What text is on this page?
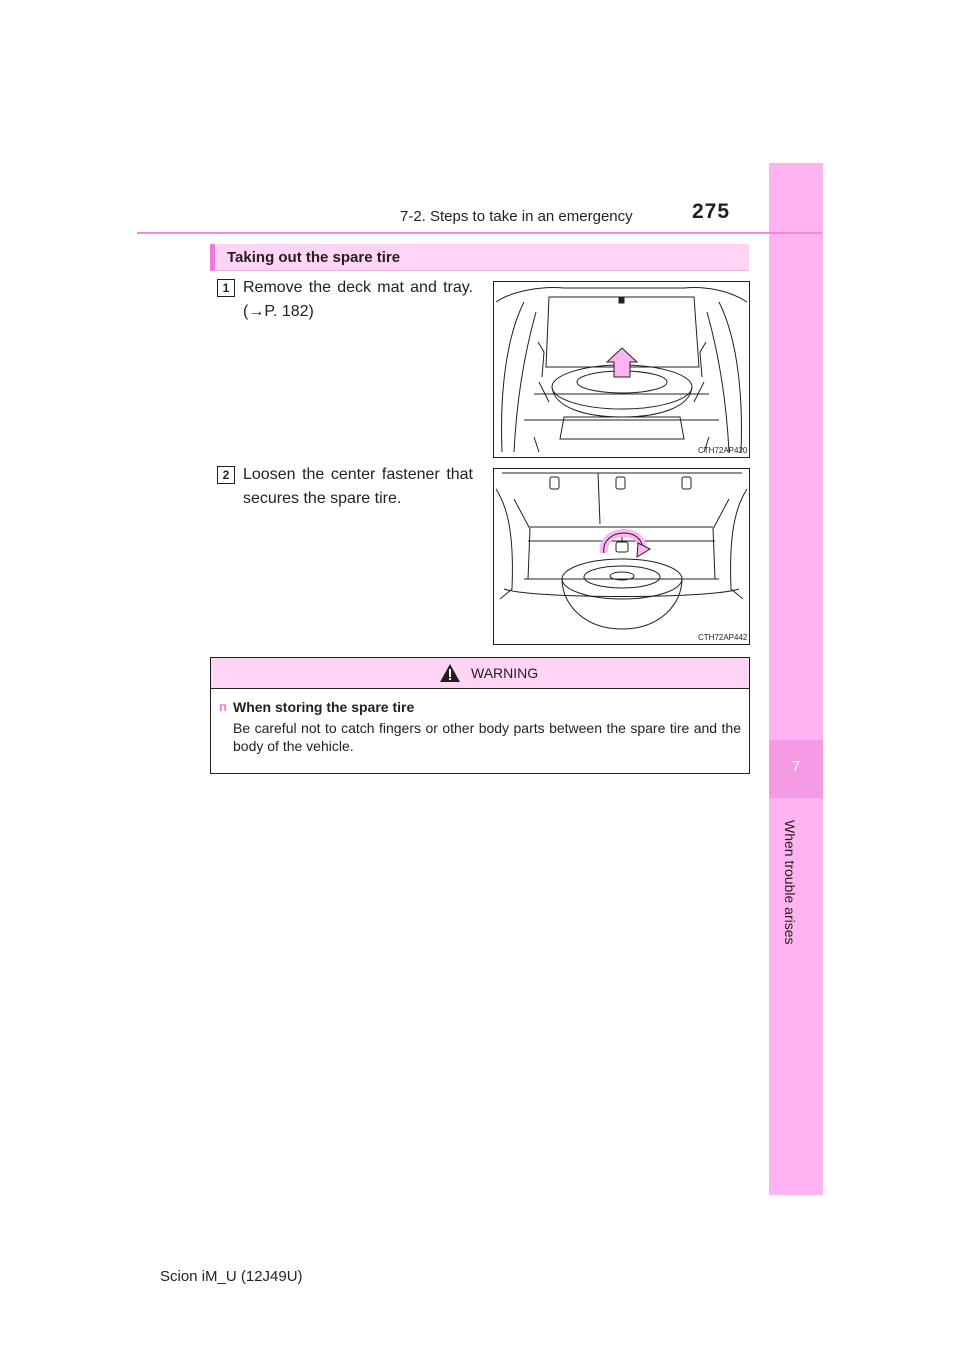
7
When trouble arises
7-2. Steps to take in an emergency	275
Taking out the spare tire
1 Remove the deck mat and tray. (→P. 182)
CTH72AP420
2 Loosen the center fastener that secures the spare tire.
CTH72AP442
WARNING
n When storing the spare tire
Be careful not to catch fingers or other body parts between the spare tire and the body of the vehicle.
Scion iM_U (12J49U)
